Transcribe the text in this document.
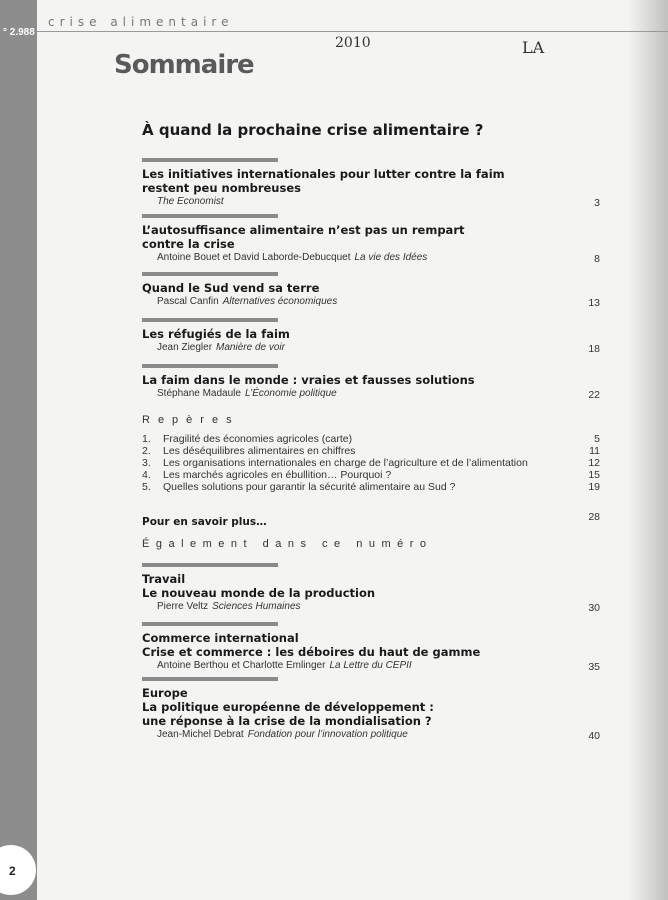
° 2.988
2
crise alimentaire
2010	LA
Sommaire
À quand la prochaine crise alimentaire ?
Les initiatives internationales pour lutter contre la faim
restent peu nombreuses
The Economist	3
L’autosuffisance alimentaire n’est pas un rempart
contre la crise
Antoine Bouet et David Laborde-Debucquet La vie des Idées	8
Quand le Sud vend sa terre
Pascal Canfin Alternatives économiques	13
Les réfugiés de la faim
Jean Ziegler Manière de voir	18
La faim dans le monde : vraies et fausses solutions
Stéphane Madaule L’Économie politique	22
Repères
1.	Fragilité des économies agricoles (carte)	5
2.	Les déséquilibres alimentaires en chiffres	11
3.	Les organisations internationales en charge de l’agriculture et de l’alimentation	12
4.	Les marchés agricoles en ébullition… Pourquoi ?	15
5.	Quelles solutions pour garantir la sécurité alimentaire au Sud ?	19
Pour en savoir plus…	28
Également dans ce numéro
Travail
Le nouveau monde de la production
Pierre Veltz Sciences Humaines	30
Commerce international
Crise et commerce : les déboires du haut de gamme
Antoine Berthou et Charlotte Emlinger La Lettre du CEPII	35
Europe
La politique européenne de développement :
une réponse à la crise de la mondialisation ?
Jean-Michel Debrat Fondation pour l’innovation politique	40
